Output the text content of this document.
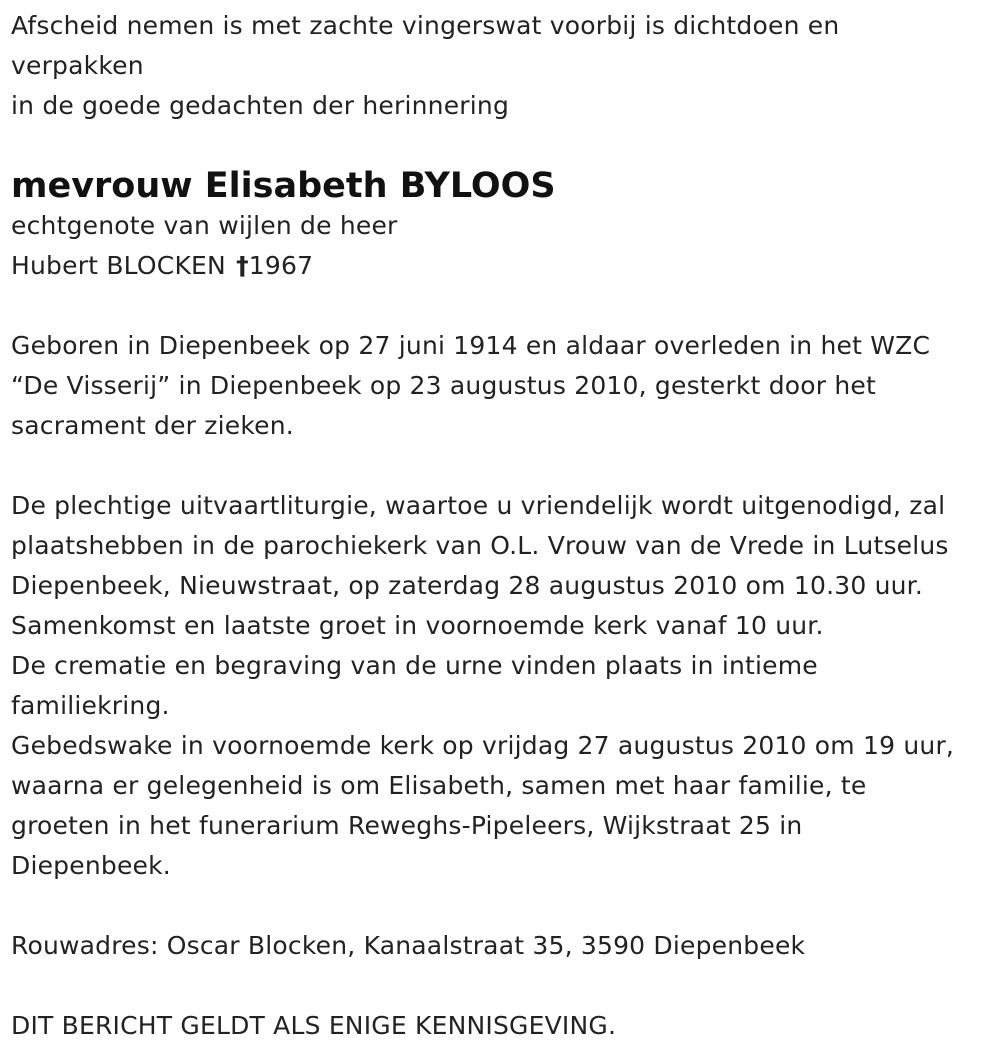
Afscheid nemen is met zachte vingerswat voorbij is dichtdoen en

verpakken

in de goede gedachten der herinnering

mevrouw Elisabeth BYLOOS

echtgenote van wijlen de heer

Hubert BLOCKEN †1967

Geboren in Diepenbeek op 27 juni 1914 en aldaar overleden in het WZC

“De Visserij” in Diepenbeek op 23 augustus 2010, gesterkt door het

sacrament der zieken.

De plechtige uitvaartliturgie, waartoe u vriendelijk wordt uitgenodigd, zal

plaatshebben in de parochiekerk van O.L. Vrouw van de Vrede in Lutselus

Diepenbeek, Nieuwstraat, op zaterdag 28 augustus 2010 om 10.30 uur.

Samenkomst en laatste groet in voornoemde kerk vanaf 10 uur.

De crematie en begraving van de urne vinden plaats in intieme

familiekring.

Gebedswake in voornoemde kerk op vrijdag 27 augustus 2010 om 19 uur,

waarna er gelegenheid is om Elisabeth, samen met haar familie, te

groeten in het funerarium Reweghs-Pipeleers, Wijkstraat 25 in

Diepenbeek.

Rouwadres: Oscar Blocken, Kanaalstraat 35, 3590 Diepenbeek

DIT BERICHT GELDT ALS ENIGE KENNISGEVING.
